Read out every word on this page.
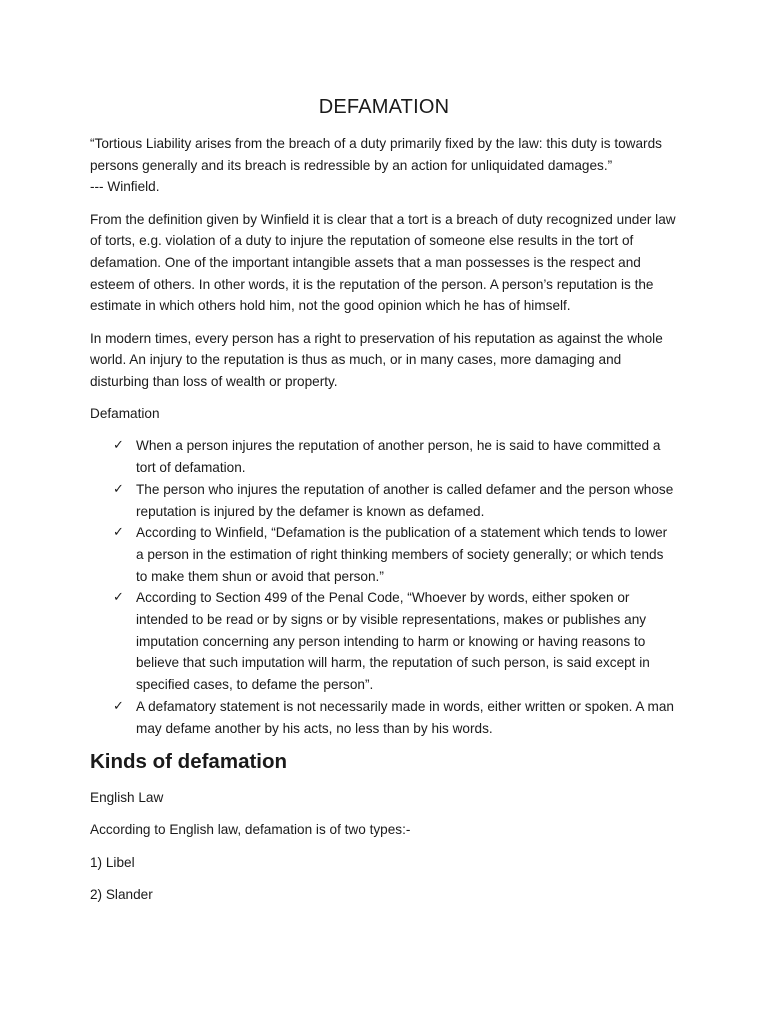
DEFAMATION

“Tortious Liability arises from the breach of a duty primarily fixed by the law: this duty is towards persons generally and its breach is redressible by an action for unliquidated damages.”
--- Winfield.

From the definition given by Winfield it is clear that a tort is a breach of duty recognized under law of torts, e.g. violation of a duty to injure the reputation of someone else results in the tort of defamation. One of the important intangible assets that a man possesses is the respect and esteem of others. In other words, it is the reputation of the person. A person’s reputation is the estimate in which others hold him, not the good opinion which he has of himself.

In modern times, every person has a right to preservation of his reputation as against the whole world. An injury to the reputation is thus as much, or in many cases, more damaging and disturbing than loss of wealth or property.

Defamation

✓ When a person injures the reputation of another person, he is said to have committed a tort of defamation.
✓ The person who injures the reputation of another is called defamer and the person whose reputation is injured by the defamer is known as defamed.
✓ According to Winfield, “Defamation is the publication of a statement which tends to lower a person in the estimation of right thinking members of society generally; or which tends to make them shun or avoid that person.”
✓ According to Section 499 of the Penal Code, “Whoever by words, either spoken or intended to be read or by signs or by visible representations, makes or publishes any imputation concerning any person intending to harm or knowing or having reasons to believe that such imputation will harm, the reputation of such person, is said except in specified cases, to defame the person”.
✓ A defamatory statement is not necessarily made in words, either written or spoken. A man may defame another by his acts, no less than by his words.
Kinds of defamation

English Law

According to English law, defamation is of two types:-

1) Libel

2) Slander
